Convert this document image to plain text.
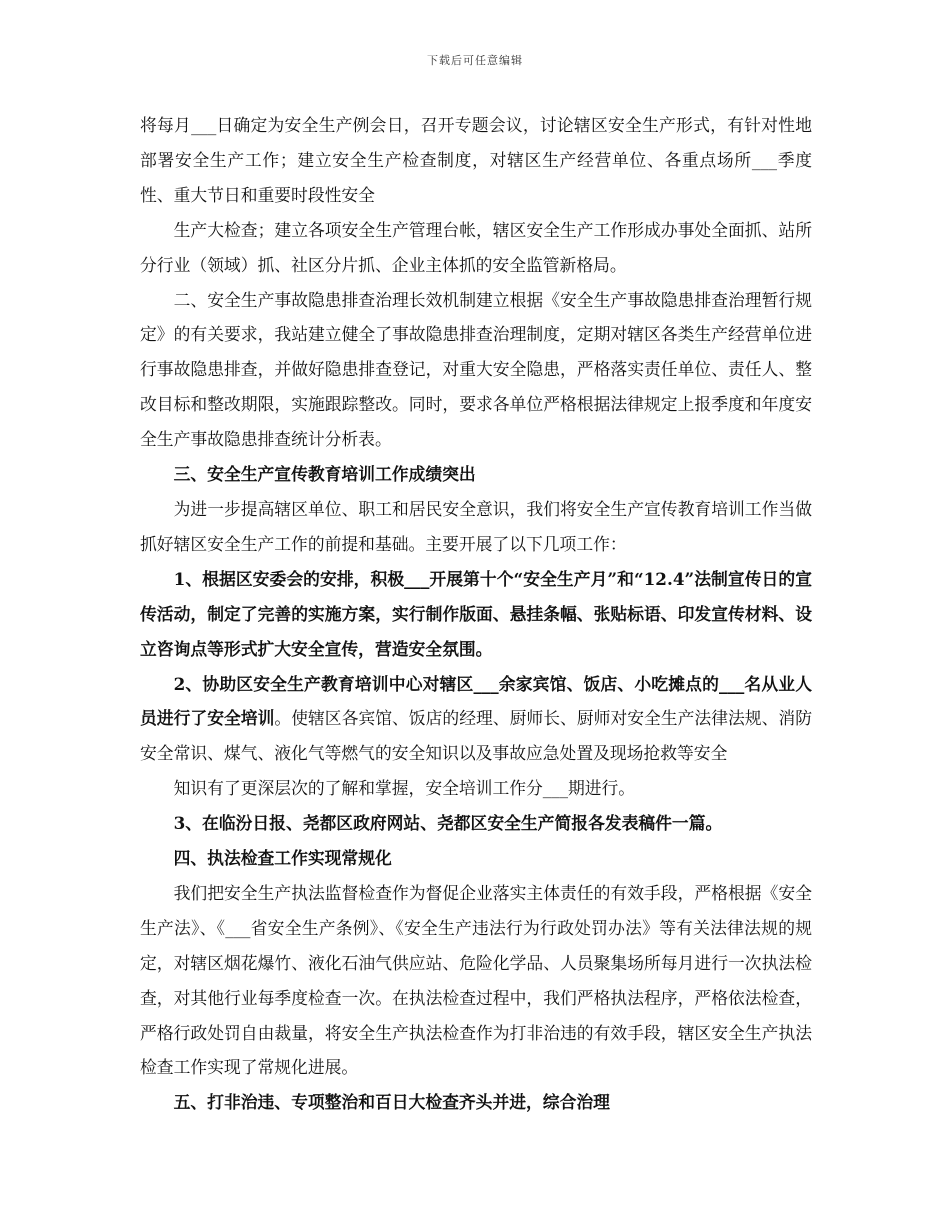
下载后可任意编辑

将每月___日确定为安全生产例会日，召开专题会议，讨论辖区安全生产形式，有针对性地部署安全生产工作；建立安全生产检查制度，对辖区生产经营单位、各重点场所___季度性、重大节日和重要时段性安全

生产大检查；建立各项安全生产管理台帐，辖区安全生产工作形成办事处全面抓、站所分行业（领域）抓、社区分片抓、企业主体抓的安全监管新格局。

二、安全生产事故隐患排查治理长效机制建立根据《安全生产事故隐患排查治理暂行规定》的有关要求，我站建立健全了事故隐患排查治理制度，定期对辖区各类生产经营单位进行事故隐患排查，并做好隐患排查登记，对重大安全隐患，严格落实责任单位、责任人、整改目标和整改期限，实施跟踪整改。同时，要求各单位严格根据法律规定上报季度和年度安全生产事故隐患排查统计分析表。

三、安全生产宣传教育培训工作成绩突出

为进一步提高辖区单位、职工和居民安全意识，我们将安全生产宣传教育培训工作当做抓好辖区安全生产工作的前提和基础。主要开展了以下几项工作：

1、根据区安委会的安排，积极___开展第十个“安全生产月”和“12.4”法制宣传日的宣传活动，制定了完善的实施方案，实行制作版面、悬挂条幅、张贴标语、印发宣传材料、设立咨询点等形式扩大安全宣传，营造安全氛围。

2、协助区安全生产教育培训中心对辖区___余家宾馆、饭店、小吃摊点的___名从业人员进行了安全培训。使辖区各宾馆、饭店的经理、厨师长、厨师对安全生产法律法规、消防安全常识、煤气、液化气等燃气的安全知识以及事故应急处置及现场抢救等安全

知识有了更深层次的了解和掌握，安全培训工作分___期进行。

3、在临汾日报、尧都区政府网站、尧都区安全生产简报各发表稿件一篇。

四、执法检查工作实现常规化

我们把安全生产执法监督检查作为督促企业落实主体责任的有效手段，严格根据《安全生产法》、《___省安全生产条例》、《安全生产违法行为行政处罚办法》等有关法律法规的规定，对辖区烟花爆竹、液化石油气供应站、危险化学品、人员聚集场所每月进行一次执法检查，对其他行业每季度检查一次。在执法检查过程中，我们严格执法程序，严格依法检查，严格行政处罚自由裁量，将安全生产执法检查作为打非治违的有效手段，辖区安全生产执法检查工作实现了常规化进展。

五、打非治违、专项整治和百日大检查齐头并进，综合治理
